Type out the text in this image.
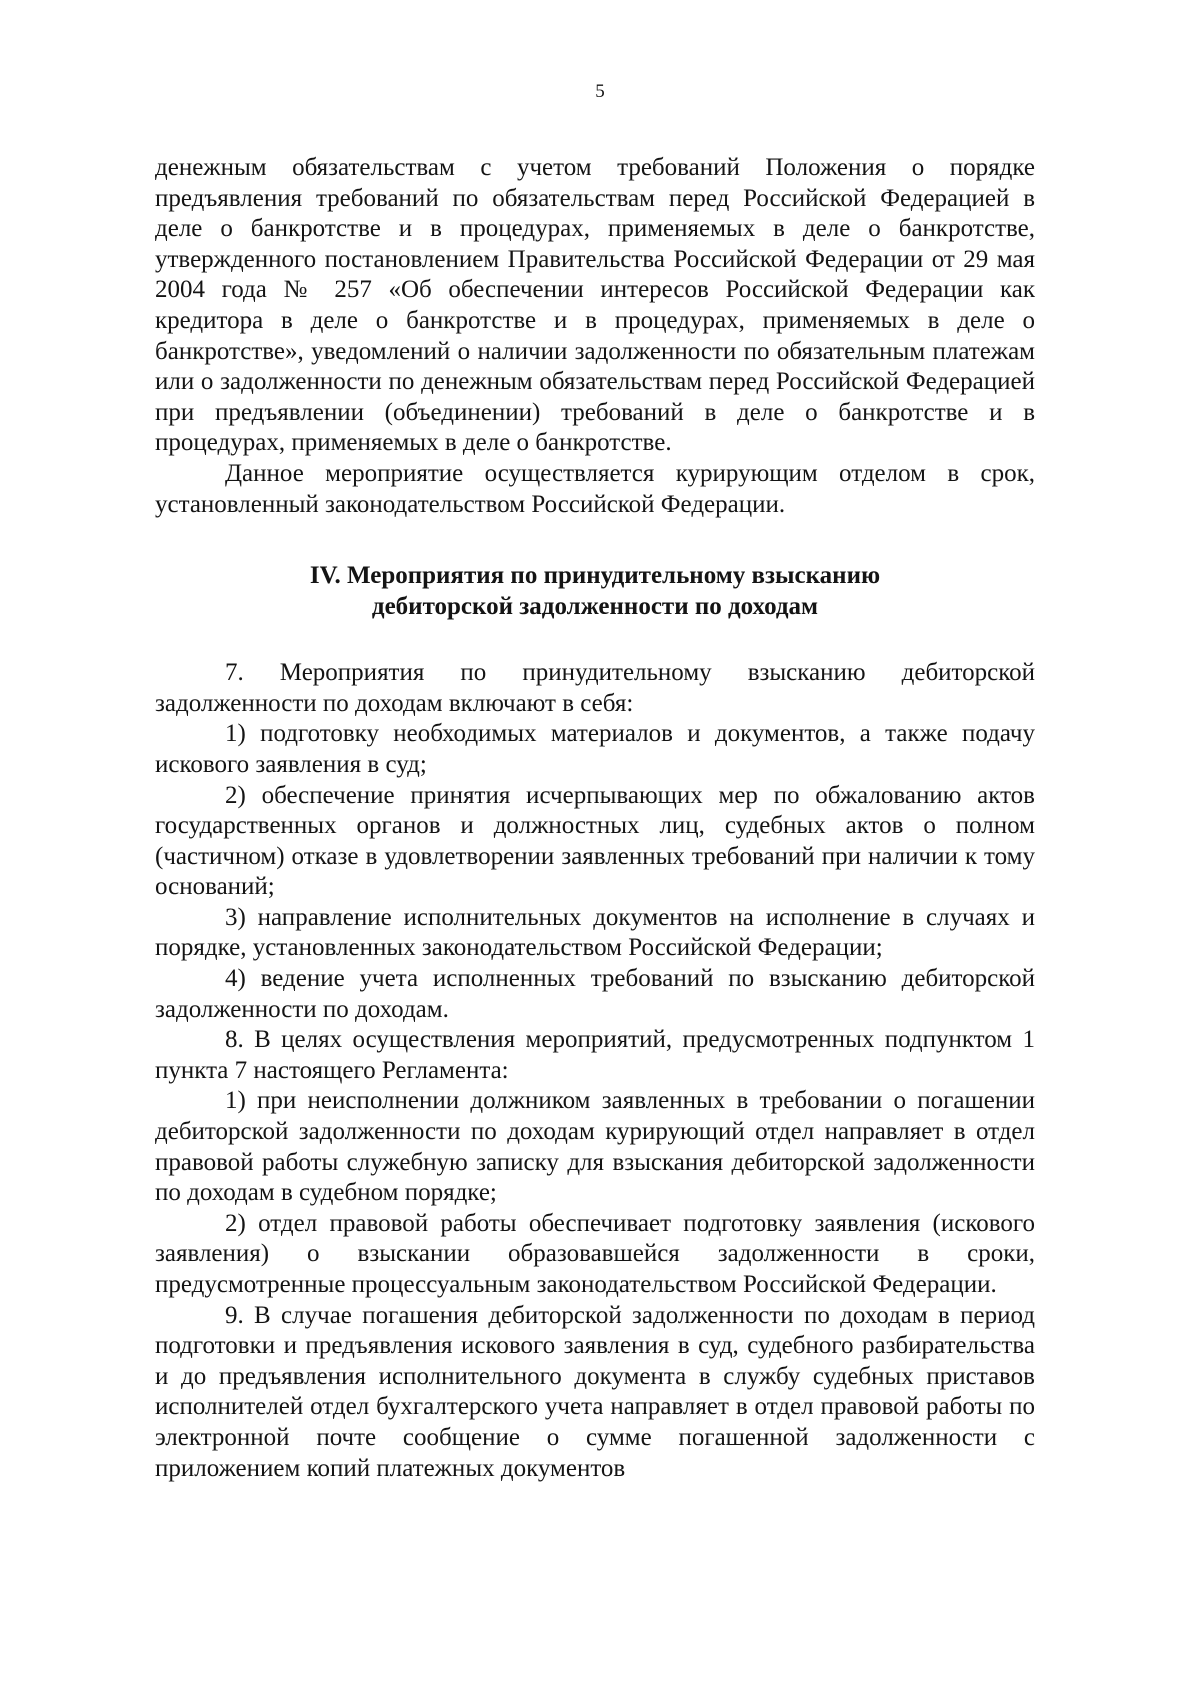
5

денежным обязательствам с учетом требований Положения о порядке предъявления требований по обязательствам перед Российской Федерацией в деле о банкротстве и в процедурах, применяемых в деле о банкротстве, утвержденного постановлением Правительства Российской Федерации от 29 мая 2004 года № 257 «Об обеспечении интересов Российской Федерации как кредитора в деле о банкротстве и в процедурах, применяемых в деле о банкротстве», уведомлений о наличии задолженности по обязательным платежам или о задолженности по денежным обязательствам перед Российской Федерацией при предъявлении (объединении) требований в деле о банкротстве и в процедурах, применяемых в деле о банкротстве.

Данное мероприятие осуществляется курирующим отделом в срок, установленный законодательством Российской Федерации.

IV. Мероприятия по принудительному взысканию
дебиторской задолженности по доходам

7. Мероприятия по принудительному взысканию дебиторской задолженности по доходам включают в себя:

1) подготовку необходимых материалов и документов, а также подачу искового заявления в суд;

2) обеспечение принятия исчерпывающих мер по обжалованию актов государственных органов и должностных лиц, судебных актов о полном (частичном) отказе в удовлетворении заявленных требований при наличии к тому оснований;

3) направление исполнительных документов на исполнение в случаях и порядке, установленных законодательством Российской Федерации;

4) ведение учета исполненных требований по взысканию дебиторской задолженности по доходам.

8. В целях осуществления мероприятий, предусмотренных подпунктом 1 пункта 7 настоящего Регламента:

1) при неисполнении должником заявленных в требовании о погашении дебиторской задолженности по доходам курирующий отдел направляет в отдел правовой работы служебную записку для взыскания дебиторской задолженности по доходам в судебном порядке;

2) отдел правовой работы обеспечивает подготовку заявления (искового заявления) о взыскании образовавшейся задолженности в сроки, предусмотренные процессуальным законодательством Российской Федерации.

9. В случае погашения дебиторской задолженности по доходам в период подготовки и предъявления искового заявления в суд, судебного разбирательства и до предъявления исполнительного документа в службу судебных приставов исполнителей отдел бухгалтерского учета направляет в отдел правовой работы по электронной почте сообщение о сумме погашенной задолженности с приложением копий платежных документов
